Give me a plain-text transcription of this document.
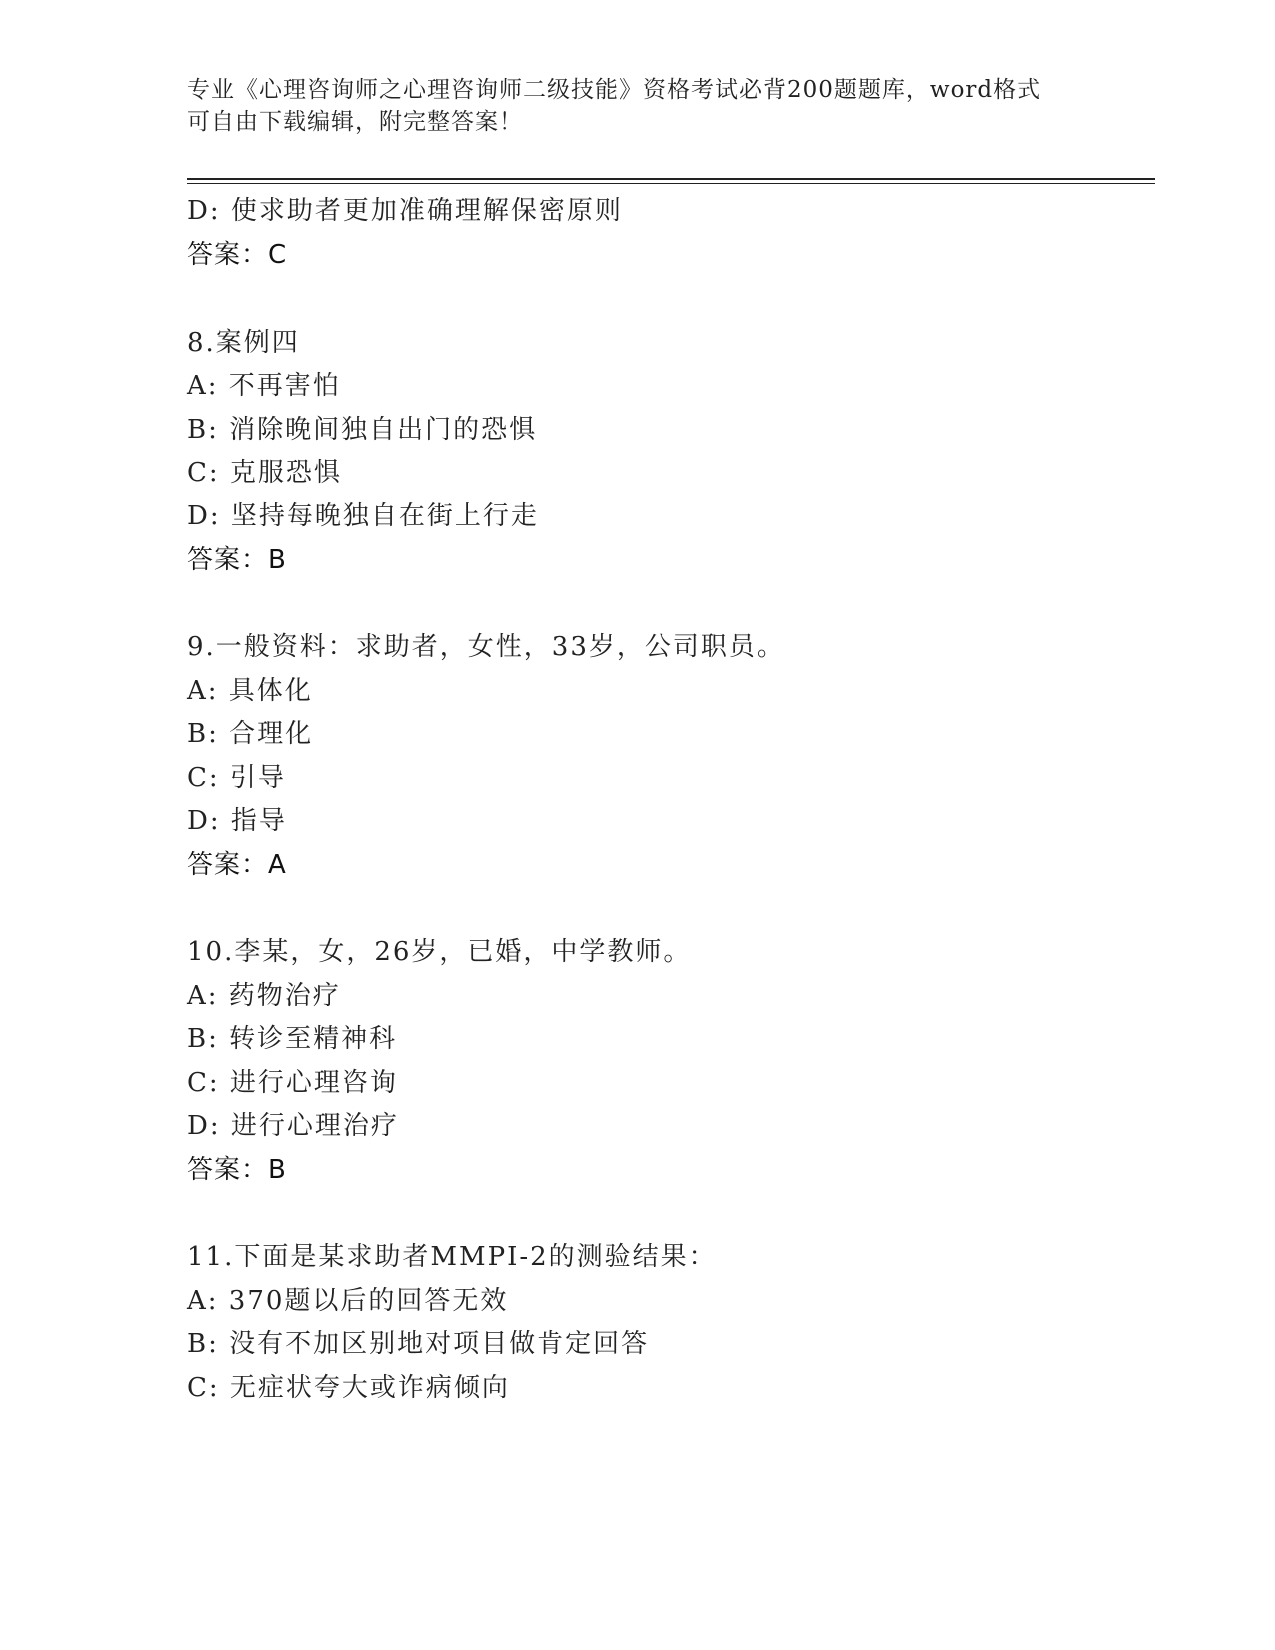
专业《心理咨询师之心理咨询师二级技能》资格考试必背200题题库，word格式
可自由下载编辑，附完整答案！
D: 使求助者更加准确理解保密原则
答案：C
8.案例四
A: 不再害怕
B: 消除晚间独自出门的恐惧
C: 克服恐惧
D: 坚持每晚独自在街上行走
答案：B
9.一般资料：求助者，女性，33岁，公司职员。
A: 具体化
B: 合理化
C: 引导
D: 指导
答案：A
10.李某，女，26岁，已婚，中学教师。
A: 药物治疗
B: 转诊至精神科
C: 进行心理咨询
D: 进行心理治疗
答案：B
11.下面是某求助者MMPI-2的测验结果：
A: 370题以后的回答无效
B: 没有不加区别地对项目做肯定回答
C: 无症状夸大或诈病倾向
